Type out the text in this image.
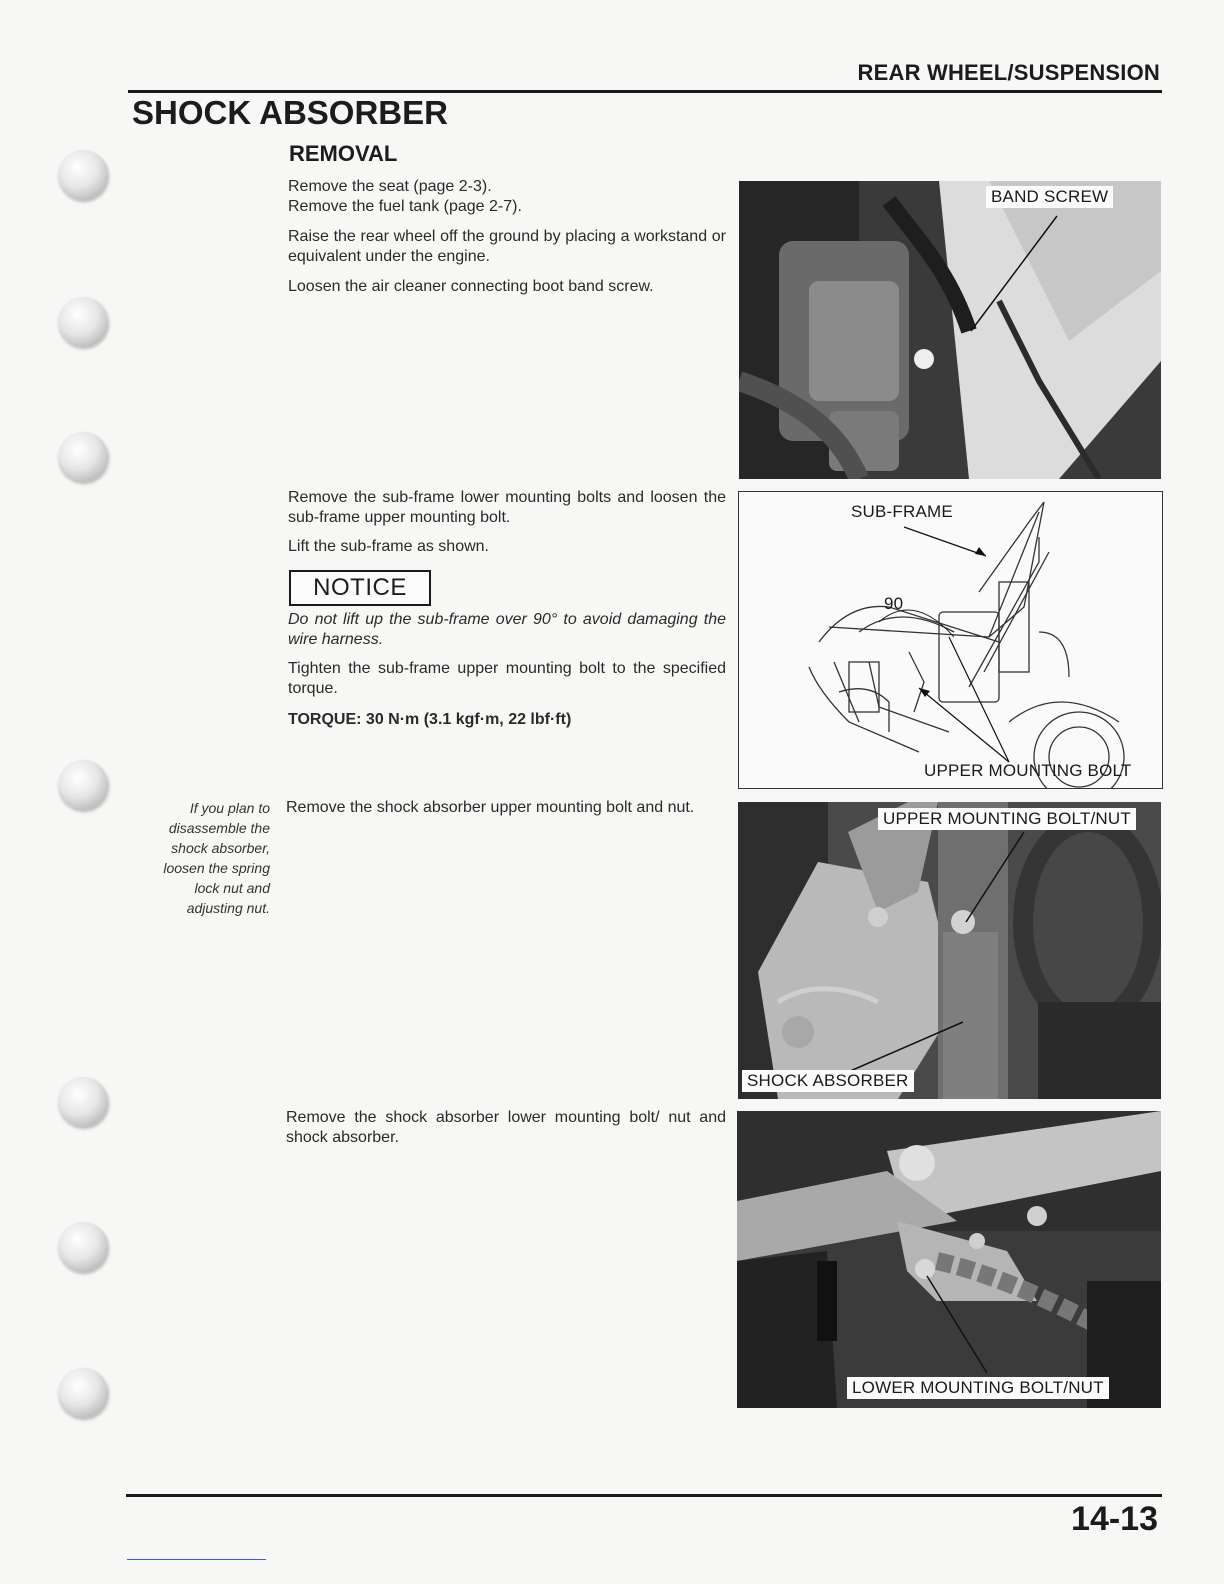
REAR WHEEL/SUSPENSION
SHOCK ABSORBER
REMOVAL
Remove the seat (page 2-3).
Remove the fuel tank (page 2-7).
Raise the rear wheel off the ground by placing a workstand or equivalent under the engine.
Loosen the air cleaner connecting boot band screw.
Remove the sub-frame lower mounting bolts and loosen the sub-frame upper mounting bolt.
Lift the sub-frame as shown.
NOTICE
Do not lift up the sub-frame over 90° to avoid damaging the wire harness.
Tighten the sub-frame upper mounting bolt to the specified torque.
TORQUE: 30 N·m (3.1 kgf·m, 22 lbf·ft)
If you plan to disassemble the shock absorber, loosen the spring lock nut and adjusting nut.
Remove the shock absorber upper mounting bolt and nut.
Remove the shock absorber lower mounting bolt/ nut and shock absorber.
BAND SCREW
SUB-FRAME
90
UPPER MOUNTING BOLT
UPPER MOUNTING BOLT/NUT
SHOCK ABSORBER
LOWER MOUNTING BOLT/NUT
14-13
